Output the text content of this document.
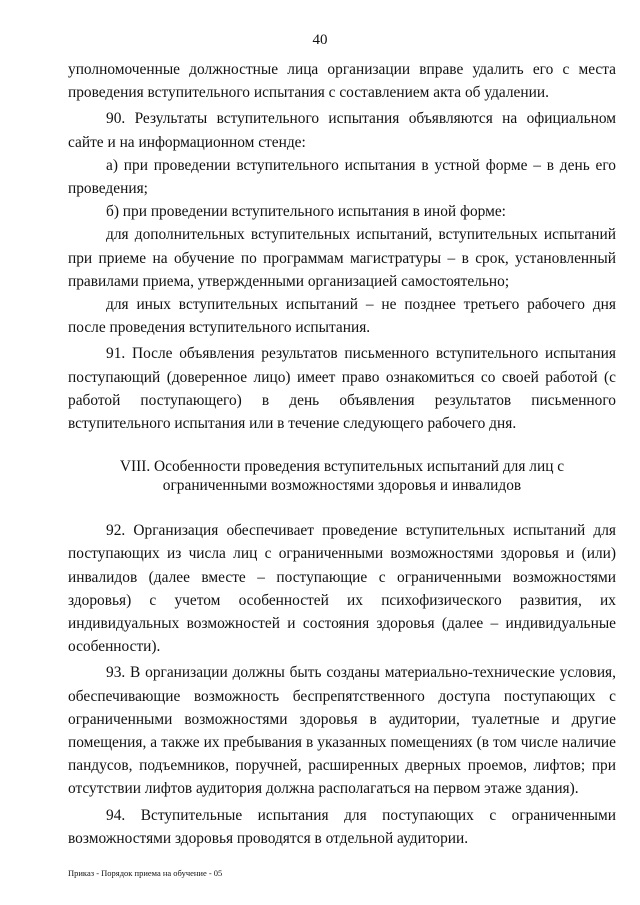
40

уполномоченные должностные лица организации вправе удалить его с места проведения вступительного испытания с составлением акта об удалении.

90. Результаты вступительного испытания объявляются на официальном сайте и на информационном стенде:

а) при проведении вступительного испытания в устной форме – в день его проведения;

б) при проведении вступительного испытания в иной форме:

для дополнительных вступительных испытаний, вступительных испытаний при приеме на обучение по программам магистратуры – в срок, установленный правилами приема, утвержденными организацией самостоятельно;

для иных вступительных испытаний – не позднее третьего рабочего дня после проведения вступительного испытания.

91. После объявления результатов письменного вступительного испытания поступающий (доверенное лицо) имеет право ознакомиться со своей работой (с работой поступающего) в день объявления результатов письменного вступительного испытания или в течение следующего рабочего дня.

VIII. Особенности проведения вступительных испытаний для лиц с ограниченными возможностями здоровья и инвалидов

92. Организация обеспечивает проведение вступительных испытаний для поступающих из числа лиц с ограниченными возможностями здоровья и (или) инвалидов (далее вместе – поступающие с ограниченными возможностями здоровья) с учетом особенностей их психофизического развития, их индивидуальных возможностей и состояния здоровья (далее – индивидуальные особенности).

93. В организации должны быть созданы материально-технические условия, обеспечивающие возможность беспрепятственного доступа поступающих с ограниченными возможностями здоровья в аудитории, туалетные и другие помещения, а также их пребывания в указанных помещениях (в том числе наличие пандусов, подъемников, поручней, расширенных дверных проемов, лифтов; при отсутствии лифтов аудитория должна располагаться на первом этаже здания).

94. Вступительные испытания для поступающих с ограниченными возможностями здоровья проводятся в отдельной аудитории.

Приказ - Порядок приема на обучение - 05
